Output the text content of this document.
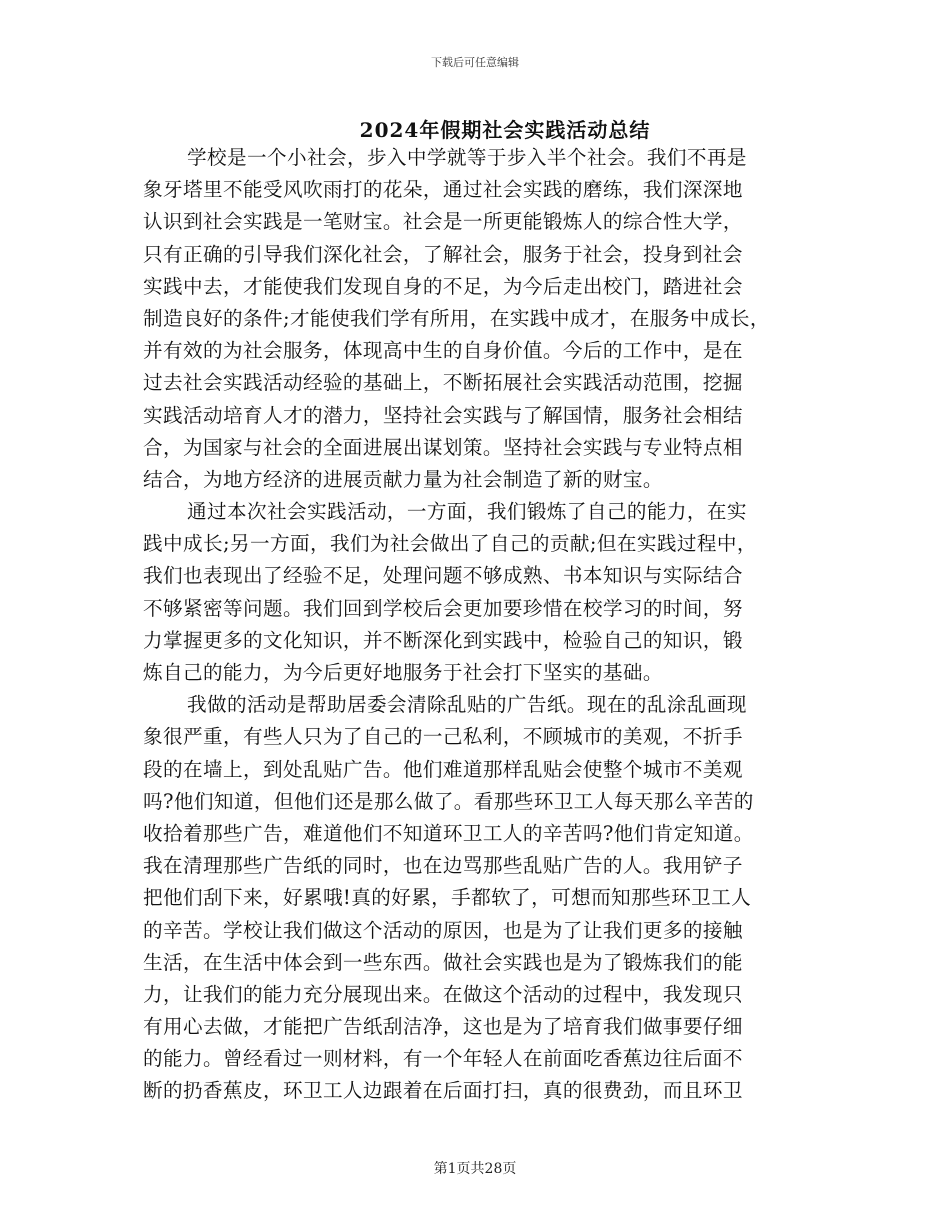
下载后可任意编辑
2024年假期社会实践活动总结
学校是一个小社会，步入中学就等于步入半个社会。我们不再是
象牙塔里不能受风吹雨打的花朵，通过社会实践的磨练，我们深深地
认识到社会实践是一笔财宝。社会是一所更能锻炼人的综合性大学，
只有正确的引导我们深化社会，了解社会，服务于社会，投身到社会
实践中去，才能使我们发现自身的不足，为今后走出校门，踏进社会
制造良好的条件;才能使我们学有所用，在实践中成才，在服务中成长，
并有效的为社会服务，体现高中生的自身价值。今后的工作中，是在
过去社会实践活动经验的基础上，不断拓展社会实践活动范围，挖掘
实践活动培育人才的潜力，坚持社会实践与了解国情，服务社会相结
合，为国家与社会的全面进展出谋划策。坚持社会实践与专业特点相
结合，为地方经济的进展贡献力量为社会制造了新的财宝。
通过本次社会实践活动，一方面，我们锻炼了自己的能力，在实
践中成长;另一方面，我们为社会做出了自己的贡献;但在实践过程中，
我们也表现出了经验不足，处理问题不够成熟、书本知识与实际结合
不够紧密等问题。我们回到学校后会更加要珍惜在校学习的时间，努
力掌握更多的文化知识，并不断深化到实践中，检验自己的知识，锻
炼自己的能力，为今后更好地服务于社会打下坚实的基础。
我做的活动是帮助居委会清除乱贴的广告纸。现在的乱涂乱画现
象很严重，有些人只为了自己的一己私利，不顾城市的美观，不折手
段的在墙上，到处乱贴广告。他们难道那样乱贴会使整个城市不美观
吗?他们知道，但他们还是那么做了。看那些环卫工人每天那么辛苦的
收拾着那些广告，难道他们不知道环卫工人的辛苦吗?他们肯定知道。
我在清理那些广告纸的同时，也在边骂那些乱贴广告的人。我用铲子
把他们刮下来，好累哦!真的好累，手都软了，可想而知那些环卫工人
的辛苦。学校让我们做这个活动的原因，也是为了让我们更多的接触
生活，在生活中体会到一些东西。做社会实践也是为了锻炼我们的能
力，让我们的能力充分展现出来。在做这个活动的过程中，我发现只
有用心去做，才能把广告纸刮洁净，这也是为了培育我们做事要仔细
的能力。曾经看过一则材料，有一个年轻人在前面吃香蕉边往后面不
断的扔香蕉皮，环卫工人边跟着在后面打扫，真的很费劲，而且环卫
第1页共28页
